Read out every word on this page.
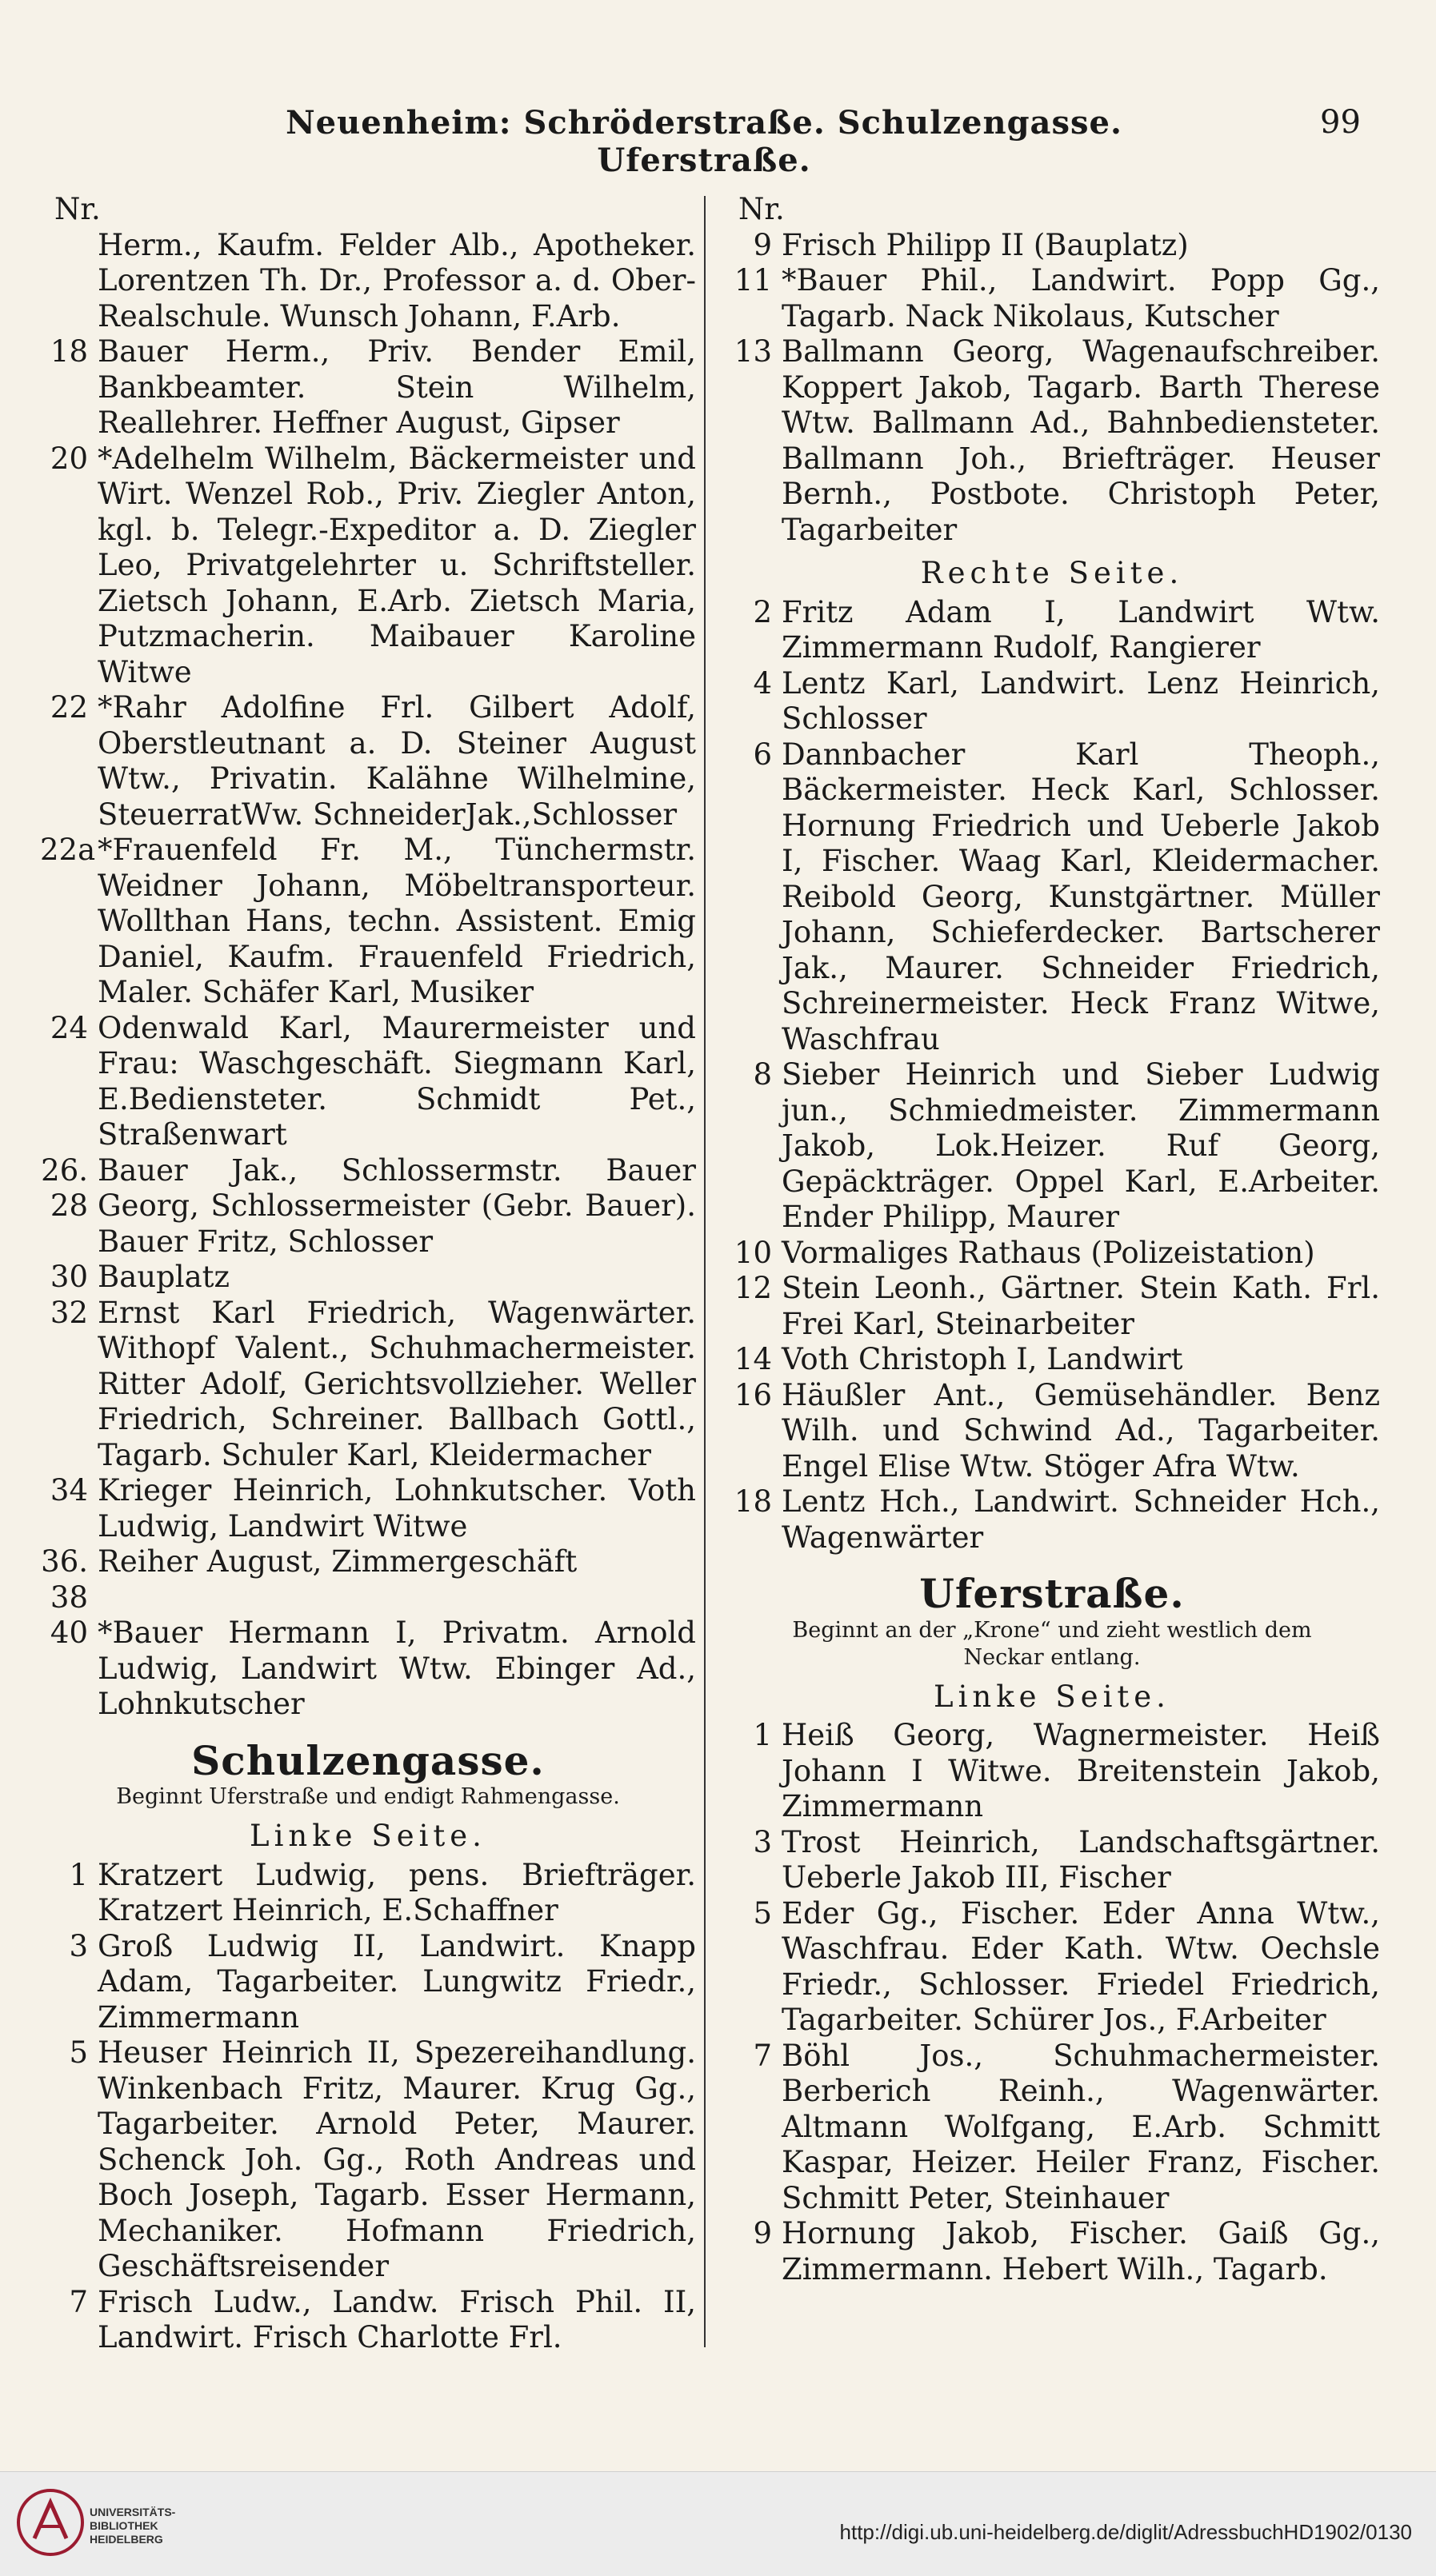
Neuenheim: Schröderstraße. Schulzengasse. Uferstraße.
99
Nr.
Herm., Kaufm. Felder Alb., Apotheker. Lorentzen Th. Dr., Professor a. d. Ober-Realschule. Wunsch Johann, F.Arb.
18 Bauer Herm., Priv. Bender Emil, Bankbeamter. Stein Wilhelm, Reallehrer. Heffner August, Gipser
20 *Adelhelm Wilhelm, Bäckermeister und Wirt. Wenzel Rob., Priv. Ziegler Anton, kgl. b. Telegr.-Expeditor a. D. Ziegler Leo, Privatgelehrter u. Schriftsteller. Zietsch Johann, E.Arb. Zietsch Maria, Putzmacherin. Maibauer Karoline Witwe
22 *Rahr Adolfine Frl. Gilbert Adolf, Oberstleutnant a. D. Steiner August Wtw., Privatin. Kalähne Wilhelmine, SteuerratWw. SchneiderJak.,Schlosser
22a *Frauenfeld Fr. M., Tünchermstr. Weidner Johann, Möbeltransporteur. Wollthan Hans, techn. Assistent. Emig Daniel, Kaufm. Frauenfeld Friedrich, Maler. Schäfer Karl, Musiker
24 Odenwald Karl, Maurermeister und Frau: Waschgeschäft. Siegmann Karl, E.Bediensteter. Schmidt Pet., Straßenwart
26. 28
Bauer Jak., Schlossermstr. Bauer Georg, Schlossermeister (Gebr. Bauer). Bauer Fritz, Schlosser
30 Bauplatz
32 Ernst Karl Friedrich, Wagenwärter. Withopf Valent., Schuhmachermeister. Ritter Adolf, Gerichtsvollzieher. Weller Friedrich, Schreiner. Ballbach Gottl., Tagarb. Schuler Karl, Kleidermacher
34 Krieger Heinrich, Lohnkutscher. Voth Ludwig, Landwirt Witwe
36. 38
Reiher August, Zimmergeschäft
40 *Bauer Hermann I, Privatm. Arnold Ludwig, Landwirt Wtw. Ebinger Ad., Lohnkutscher
Schulzengasse.
Beginnt Uferstraße und endigt Rahmengasse.
Linke Seite.
1 Kratzert Ludwig, pens. Briefträger. Kratzert Heinrich, E.Schaffner
3 Groß Ludwig II, Landwirt. Knapp Adam, Tagarbeiter. Lungwitz Friedr., Zimmermann
5 Heuser Heinrich II, Spezereihandlung. Winkenbach Fritz, Maurer. Krug Gg., Tagarbeiter. Arnold Peter, Maurer. Schenck Joh. Gg., Roth Andreas und Boch Joseph, Tagarb. Esser Hermann, Mechaniker. Hofmann Friedrich, Geschäftsreisender
7 Frisch Ludw., Landw. Frisch Phil. II, Landwirt. Frisch Charlotte Frl.
Nr.
9 Frisch Philipp II (Bauplatz)
11 *Bauer Phil., Landwirt. Popp Gg., Tagarb. Nack Nikolaus, Kutscher
13 Ballmann Georg, Wagenaufschreiber. Koppert Jakob, Tagarb. Barth Therese Wtw. Ballmann Ad., Bahnbediensteter. Ballmann Joh., Briefträger. Heuser Bernh., Postbote. Christoph Peter, Tagarbeiter
Rechte Seite.
2 Fritz Adam I, Landwirt Wtw. Zimmermann Rudolf, Rangierer
4 Lentz Karl, Landwirt. Lenz Heinrich, Schlosser
6 Dannbacher Karl Theoph., Bäckermeister. Heck Karl, Schlosser. Hornung Friedrich und Ueberle Jakob I, Fischer. Waag Karl, Kleidermacher. Reibold Georg, Kunstgärtner. Müller Johann, Schieferdecker. Bartscherer Jak., Maurer. Schneider Friedrich, Schreinermeister. Heck Franz Witwe, Waschfrau
8 Sieber Heinrich und Sieber Ludwig jun., Schmiedmeister. Zimmermann Jakob, Lok.Heizer. Ruf Georg, Gepäckträger. Oppel Karl, E.Arbeiter. Ender Philipp, Maurer
10 Vormaliges Rathaus (Polizeistation)
12 Stein Leonh., Gärtner. Stein Kath. Frl. Frei Karl, Steinarbeiter
14 Voth Christoph I, Landwirt
16 Häußler Ant., Gemüsehändler. Benz Wilh. und Schwind Ad., Tagarbeiter. Engel Elise Wtw. Stöger Afra Wtw.
18 Lentz Hch., Landwirt. Schneider Hch., Wagenwärter
Uferstraße.
Beginnt an der „Krone“ und zieht westlich dem Neckar entlang.
Linke Seite.
1 Heiß Georg, Wagnermeister. Heiß Johann I Witwe. Breitenstein Jakob, Zimmermann
3 Trost Heinrich, Landschaftsgärtner. Ueberle Jakob III, Fischer
5 Eder Gg., Fischer. Eder Anna Wtw., Waschfrau. Eder Kath. Wtw. Oechsle Friedr., Schlosser. Friedel Friedrich, Tagarbeiter. Schürer Jos., F.Arbeiter
7 Böhl Jos., Schuhmachermeister. Berberich Reinh., Wagenwärter. Altmann Wolfgang, E.Arb. Schmitt Kaspar, Heizer. Heiler Franz, Fischer. Schmitt Peter, Steinhauer
9 Hornung Jakob, Fischer. Gaiß Gg., Zimmermann. Hebert Wilh., Tagarb.
UNIVERSITÄTS-
BIBLIOTHEK
HEIDELBERG	http://digi.ub.uni-heidelberg.de/diglit/AdressbuchHD1902/0130
